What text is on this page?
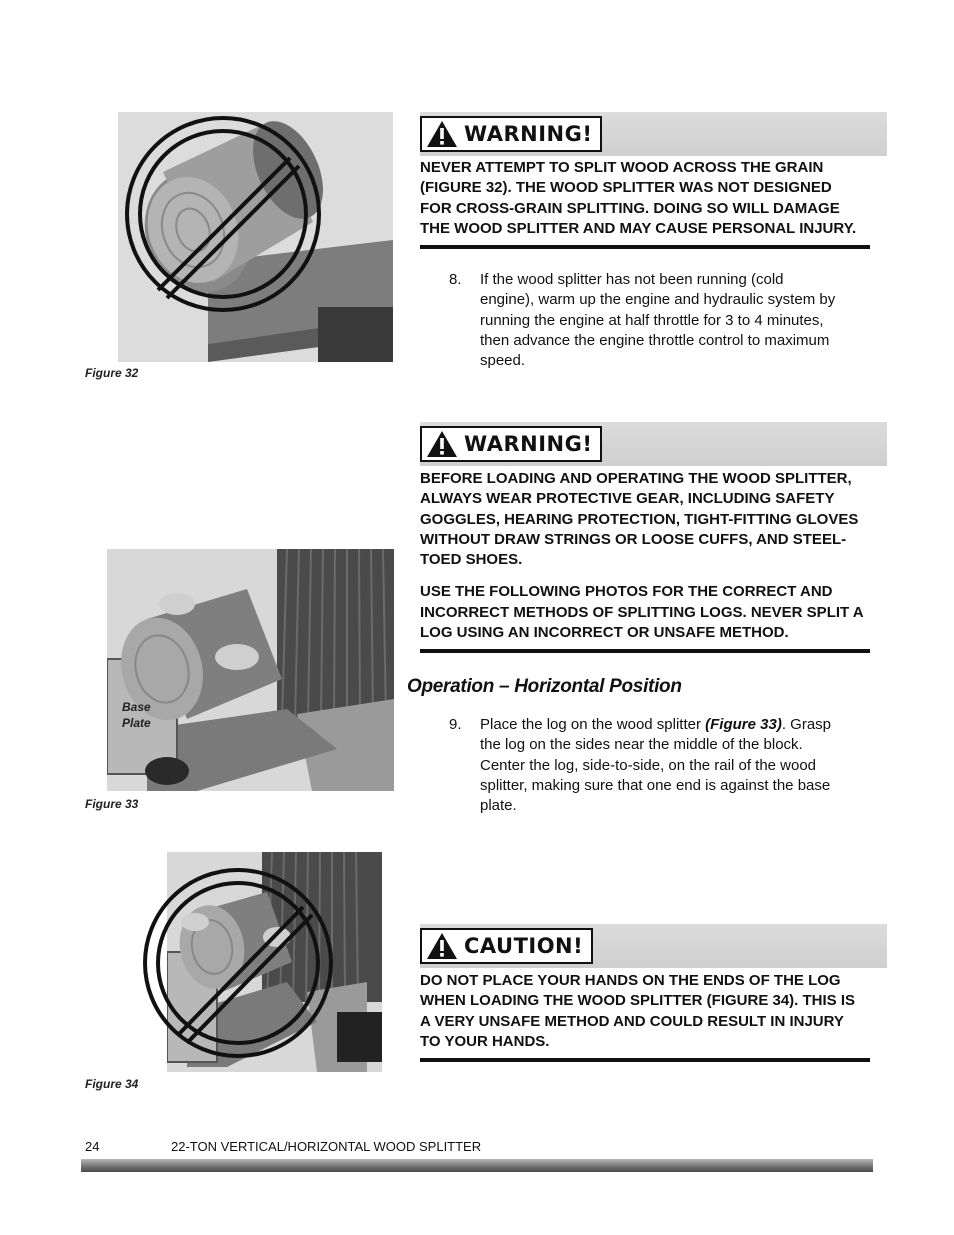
Figure 32
WARNING!

NEVER ATTEMPT TO SPLIT WOOD ACROSS THE GRAIN
(FIGURE 32). THE WOOD SPLITTER WAS NOT DESIGNED
FOR CROSS-GRAIN SPLITTING. DOING SO WILL DAMAGE
THE WOOD SPLITTER AND MAY CAUSE PERSONAL INJURY.

8. If the wood splitter has not been running (cold
engine), warm up the engine and hydraulic system by
running the engine at half throttle for 3 to 4 minutes,
then advance the engine throttle control to maximum
speed.
WARNING!

BEFORE LOADING AND OPERATING THE WOOD SPLITTER,
ALWAYS WEAR PROTECTIVE GEAR, INCLUDING SAFETY
GOGGLES, HEARING PROTECTION, TIGHT-FITTING GLOVES
WITHOUT DRAW STRINGS OR LOOSE CUFFS, AND STEEL-
TOED SHOES.

USE THE FOLLOWING PHOTOS FOR THE CORRECT AND
INCORRECT METHODS OF SPLITTING LOGS. NEVER SPLIT A
LOG USING AN INCORRECT OR UNSAFE METHOD.

Base
Plate
Figure 33
Operation – Horizontal Position
9. Place the log on the wood splitter (Figure 33). Grasp
the log on the sides near the middle of the block.
Center the log, side-to-side, on the rail of the wood
splitter, making sure that one end is against the base
plate.
Figure 34
CAUTION!

DO NOT PLACE YOUR HANDS ON THE ENDS OF THE LOG
WHEN LOADING THE WOOD SPLITTER (FIGURE 34). THIS IS
A VERY UNSAFE METHOD AND COULD RESULT IN INJURY
TO YOUR HANDS.

24	22-TON VERTICAL/HORIZONTAL WOOD SPLITTER
